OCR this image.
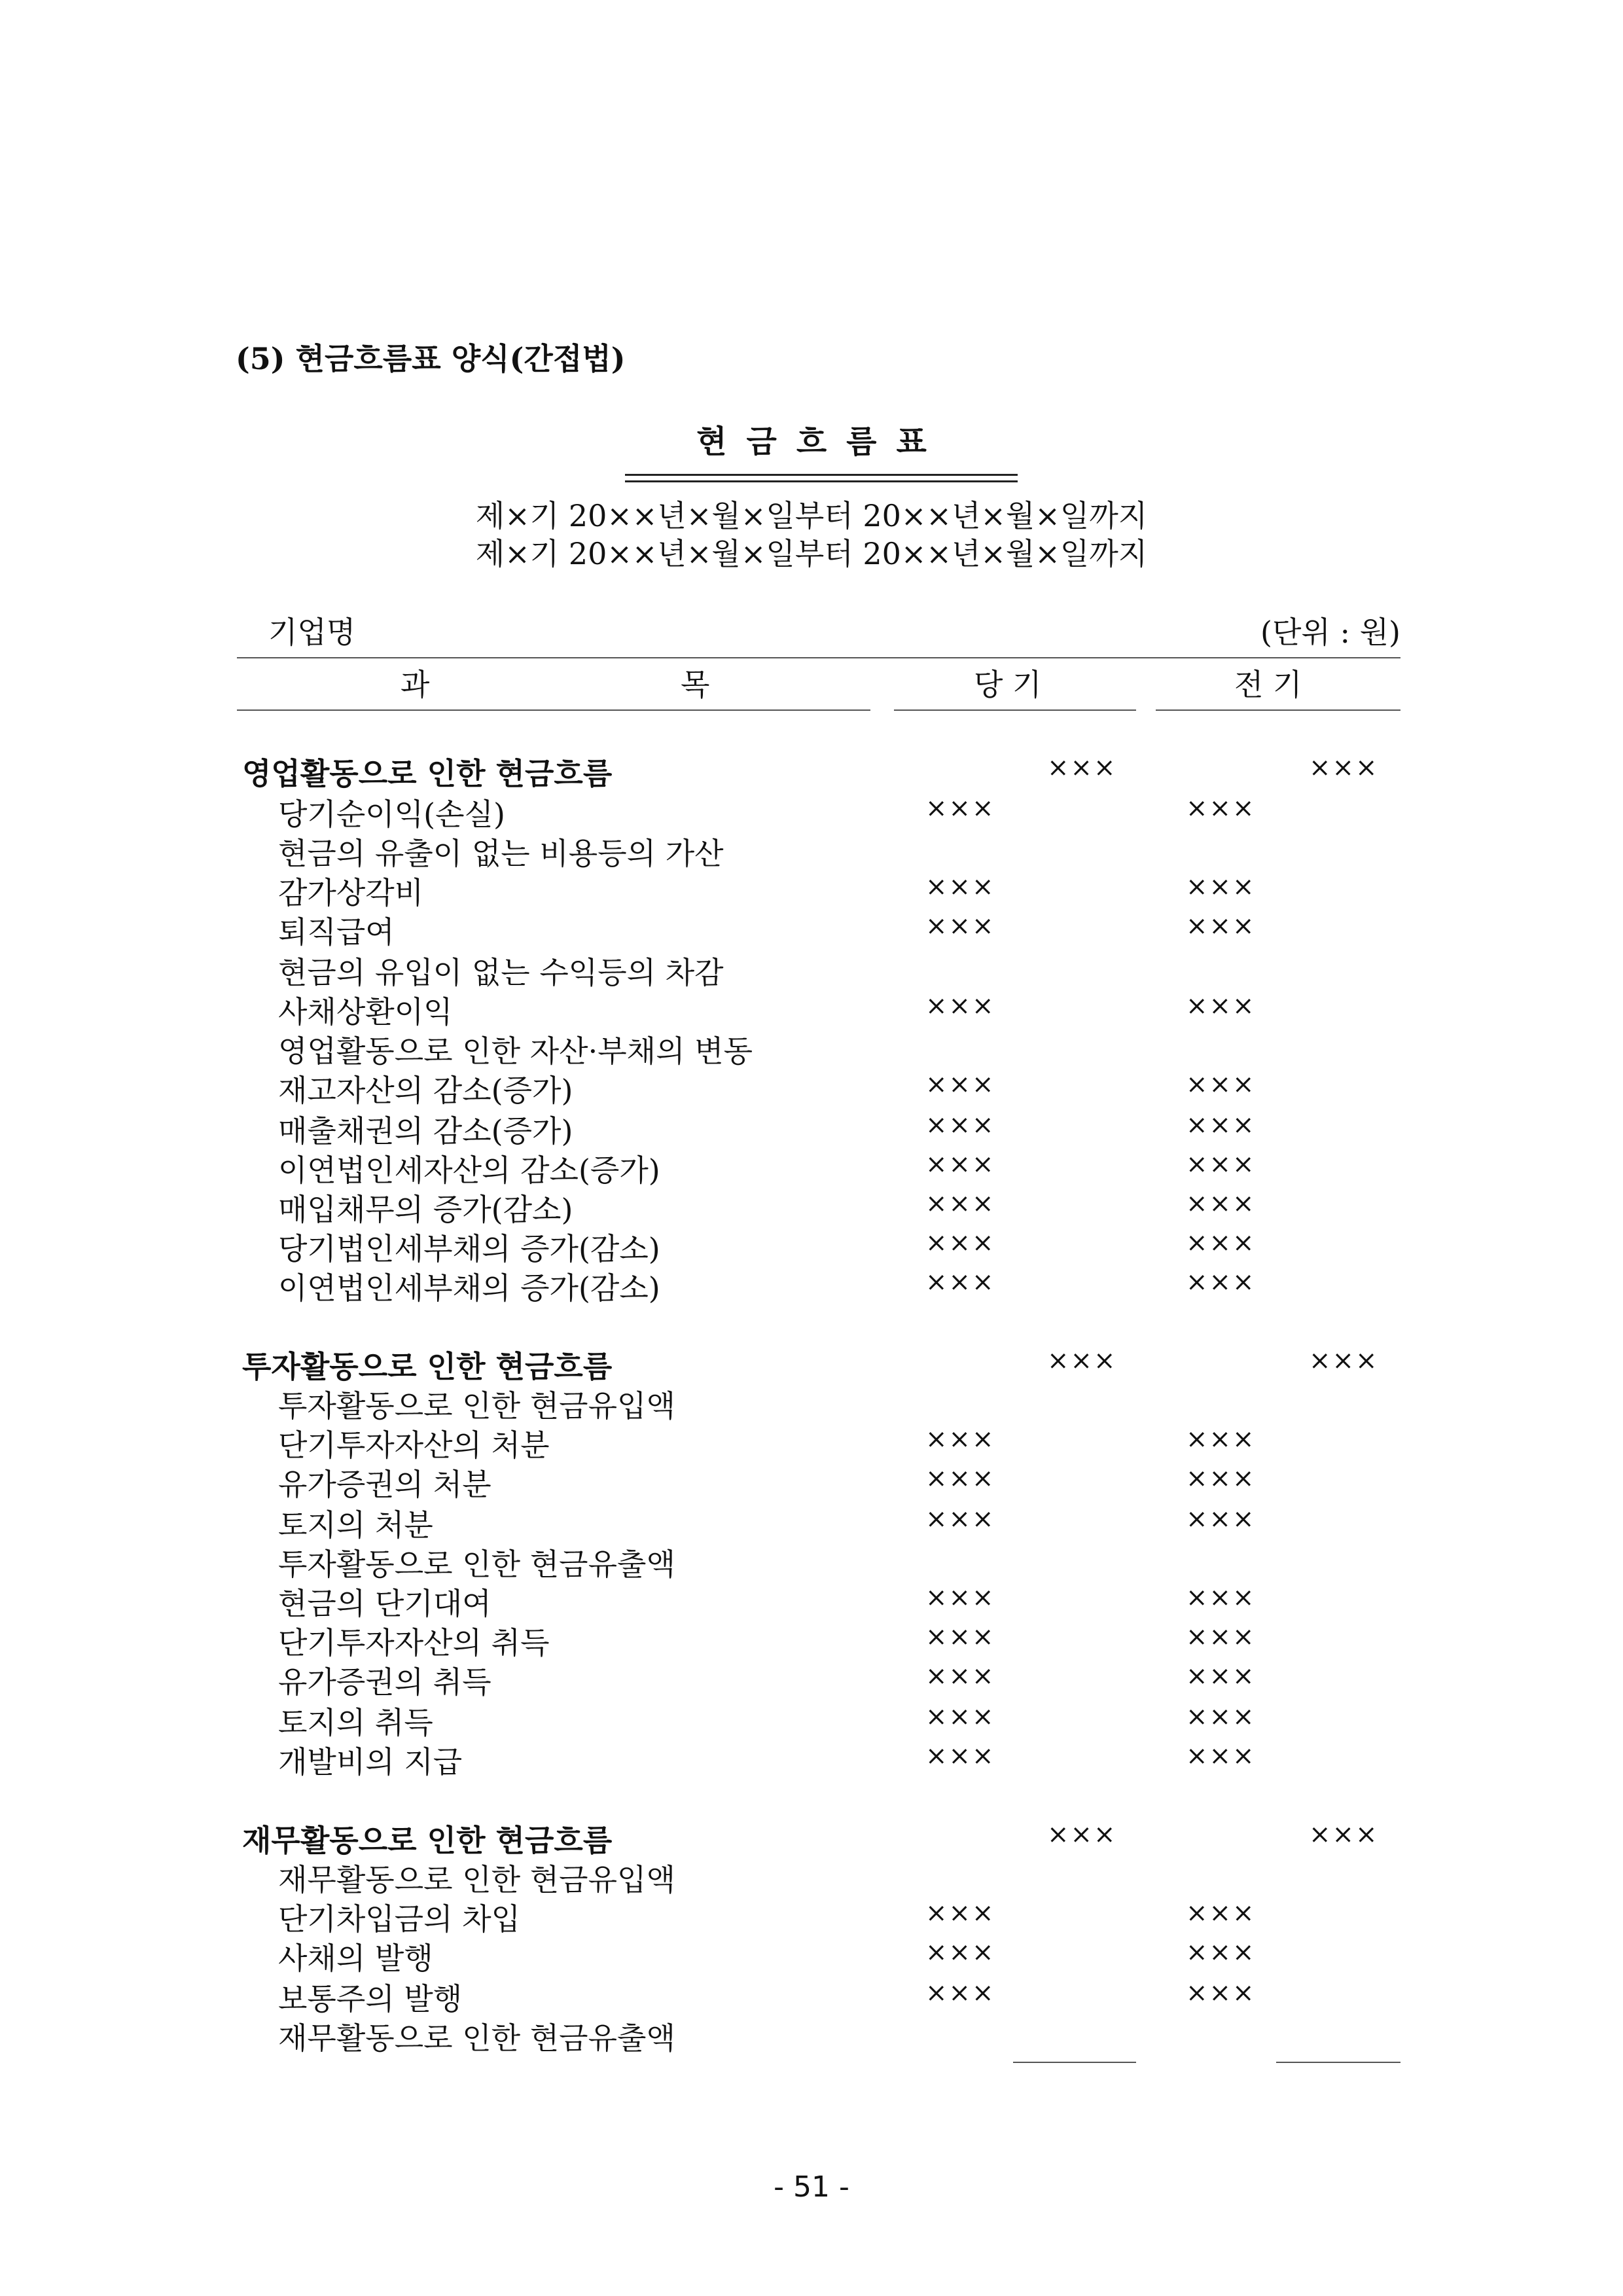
(5) 현금흐름표 양식(간접법)
현금흐름표
제×기 20××년×월×일부터 20××년×월×일까지
제×기 20××년×월×일부터 20××년×월×일까지
기업명	(단위 : 원)
과	목	당 기	전 기
영업활동으로 인한 현금흐름	×××	×××
당기순이익(손실)	×××	×××
현금의 유출이 없는 비용등의 가산
감가상각비	×××	×××
퇴직급여	×××	×××
현금의 유입이 없는 수익등의 차감
사채상환이익	×××	×××
영업활동으로 인한 자산·부채의 변동
재고자산의 감소(증가)	×××	×××
매출채권의 감소(증가)	×××	×××
이연법인세자산의 감소(증가)	×××	×××
매입채무의 증가(감소)	×××	×××
당기법인세부채의 증가(감소)	×××	×××
이연법인세부채의 증가(감소)	×××	×××
투자활동으로 인한 현금흐름	×××	×××
투자활동으로 인한 현금유입액
단기투자자산의 처분	×××	×××
유가증권의 처분	×××	×××
토지의 처분	×××	×××
투자활동으로 인한 현금유출액
현금의 단기대여	×××	×××
단기투자자산의 취득	×××	×××
유가증권의 취득	×××	×××
토지의 취득	×××	×××
개발비의 지급	×××	×××
재무활동으로 인한 현금흐름	×××	×××
재무활동으로 인한 현금유입액
단기차입금의 차입	×××	×××
사채의 발행	×××	×××
보통주의 발행	×××	×××
재무활동으로 인한 현금유출액
- 51 -
